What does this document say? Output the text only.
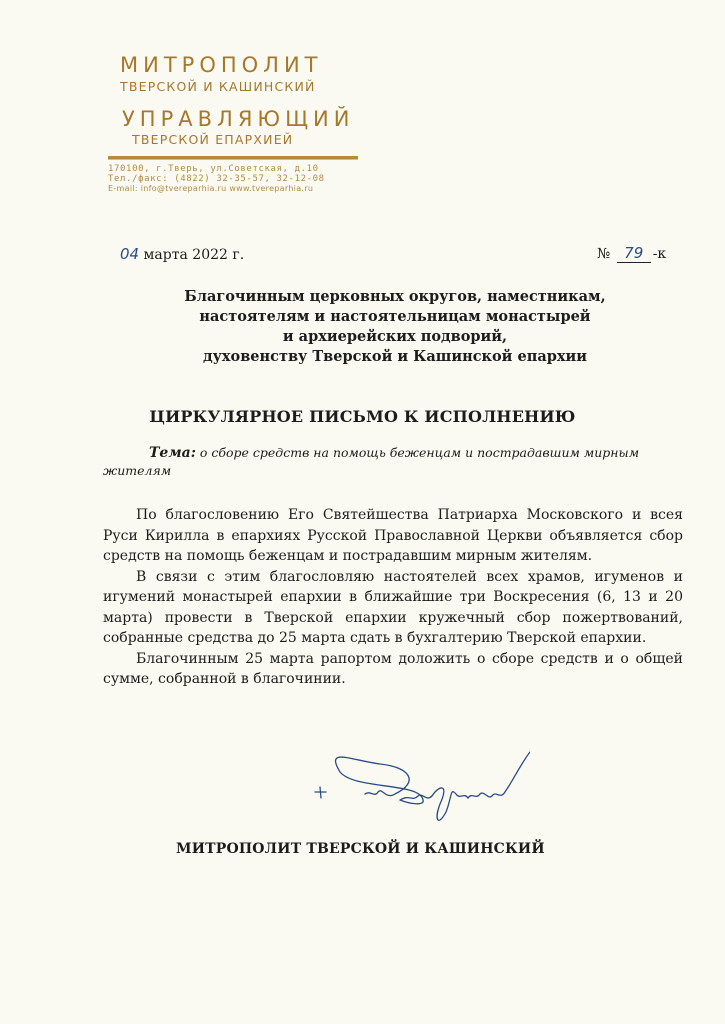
МИТРОПОЛИТ
ТВЕРСКОЙ И КАШИНСКИЙ
УПРАВЛЯЮЩИЙ
ТВЕРСКОЙ ЕПАРХИЕЙ
170100, г.Тверь, ул.Советская, д.10
Тел./факс: (4822) 32-35-57, 32-12-08
E-mail: info@tvereparhia.ru www.tvereparhia.ru
04 марта 2022 г.	№ 79 -к
Благочинным церковных округов, наместникам,
настоятелям и настоятельницам монастырей
и архиерейских подворий,
духовенству Тверской и Кашинской епархии
ЦИРКУЛЯРНОЕ ПИСЬМО К ИСПОЛНЕНИЮ
Тема: о сборе средств на помощь беженцам и пострадавшим мирным
жителям

По благословению Его Святейшества Патриарха Московского и всея Руси Кирилла в епархиях Русской Православной Церкви объявляется сбор средств на помощь беженцам и пострадавшим мирным жителям.

В связи с этим благословляю настоятелей всех храмов, игуменов и игумений монастырей епархии в ближайшие три Воскресения (6, 13 и 20 марта) провести в Тверской епархии кружечный сбор пожертвований, собранные средства до 25 марта сдать в бухгалтерию Тверской епархии.

Благочинным 25 марта рапортом доложить о сборе средств и о общей сумме, собранной в благочинии.

МИТРОПОЛИТ ТВЕРСКОЙ И КАШИНСКИЙ
